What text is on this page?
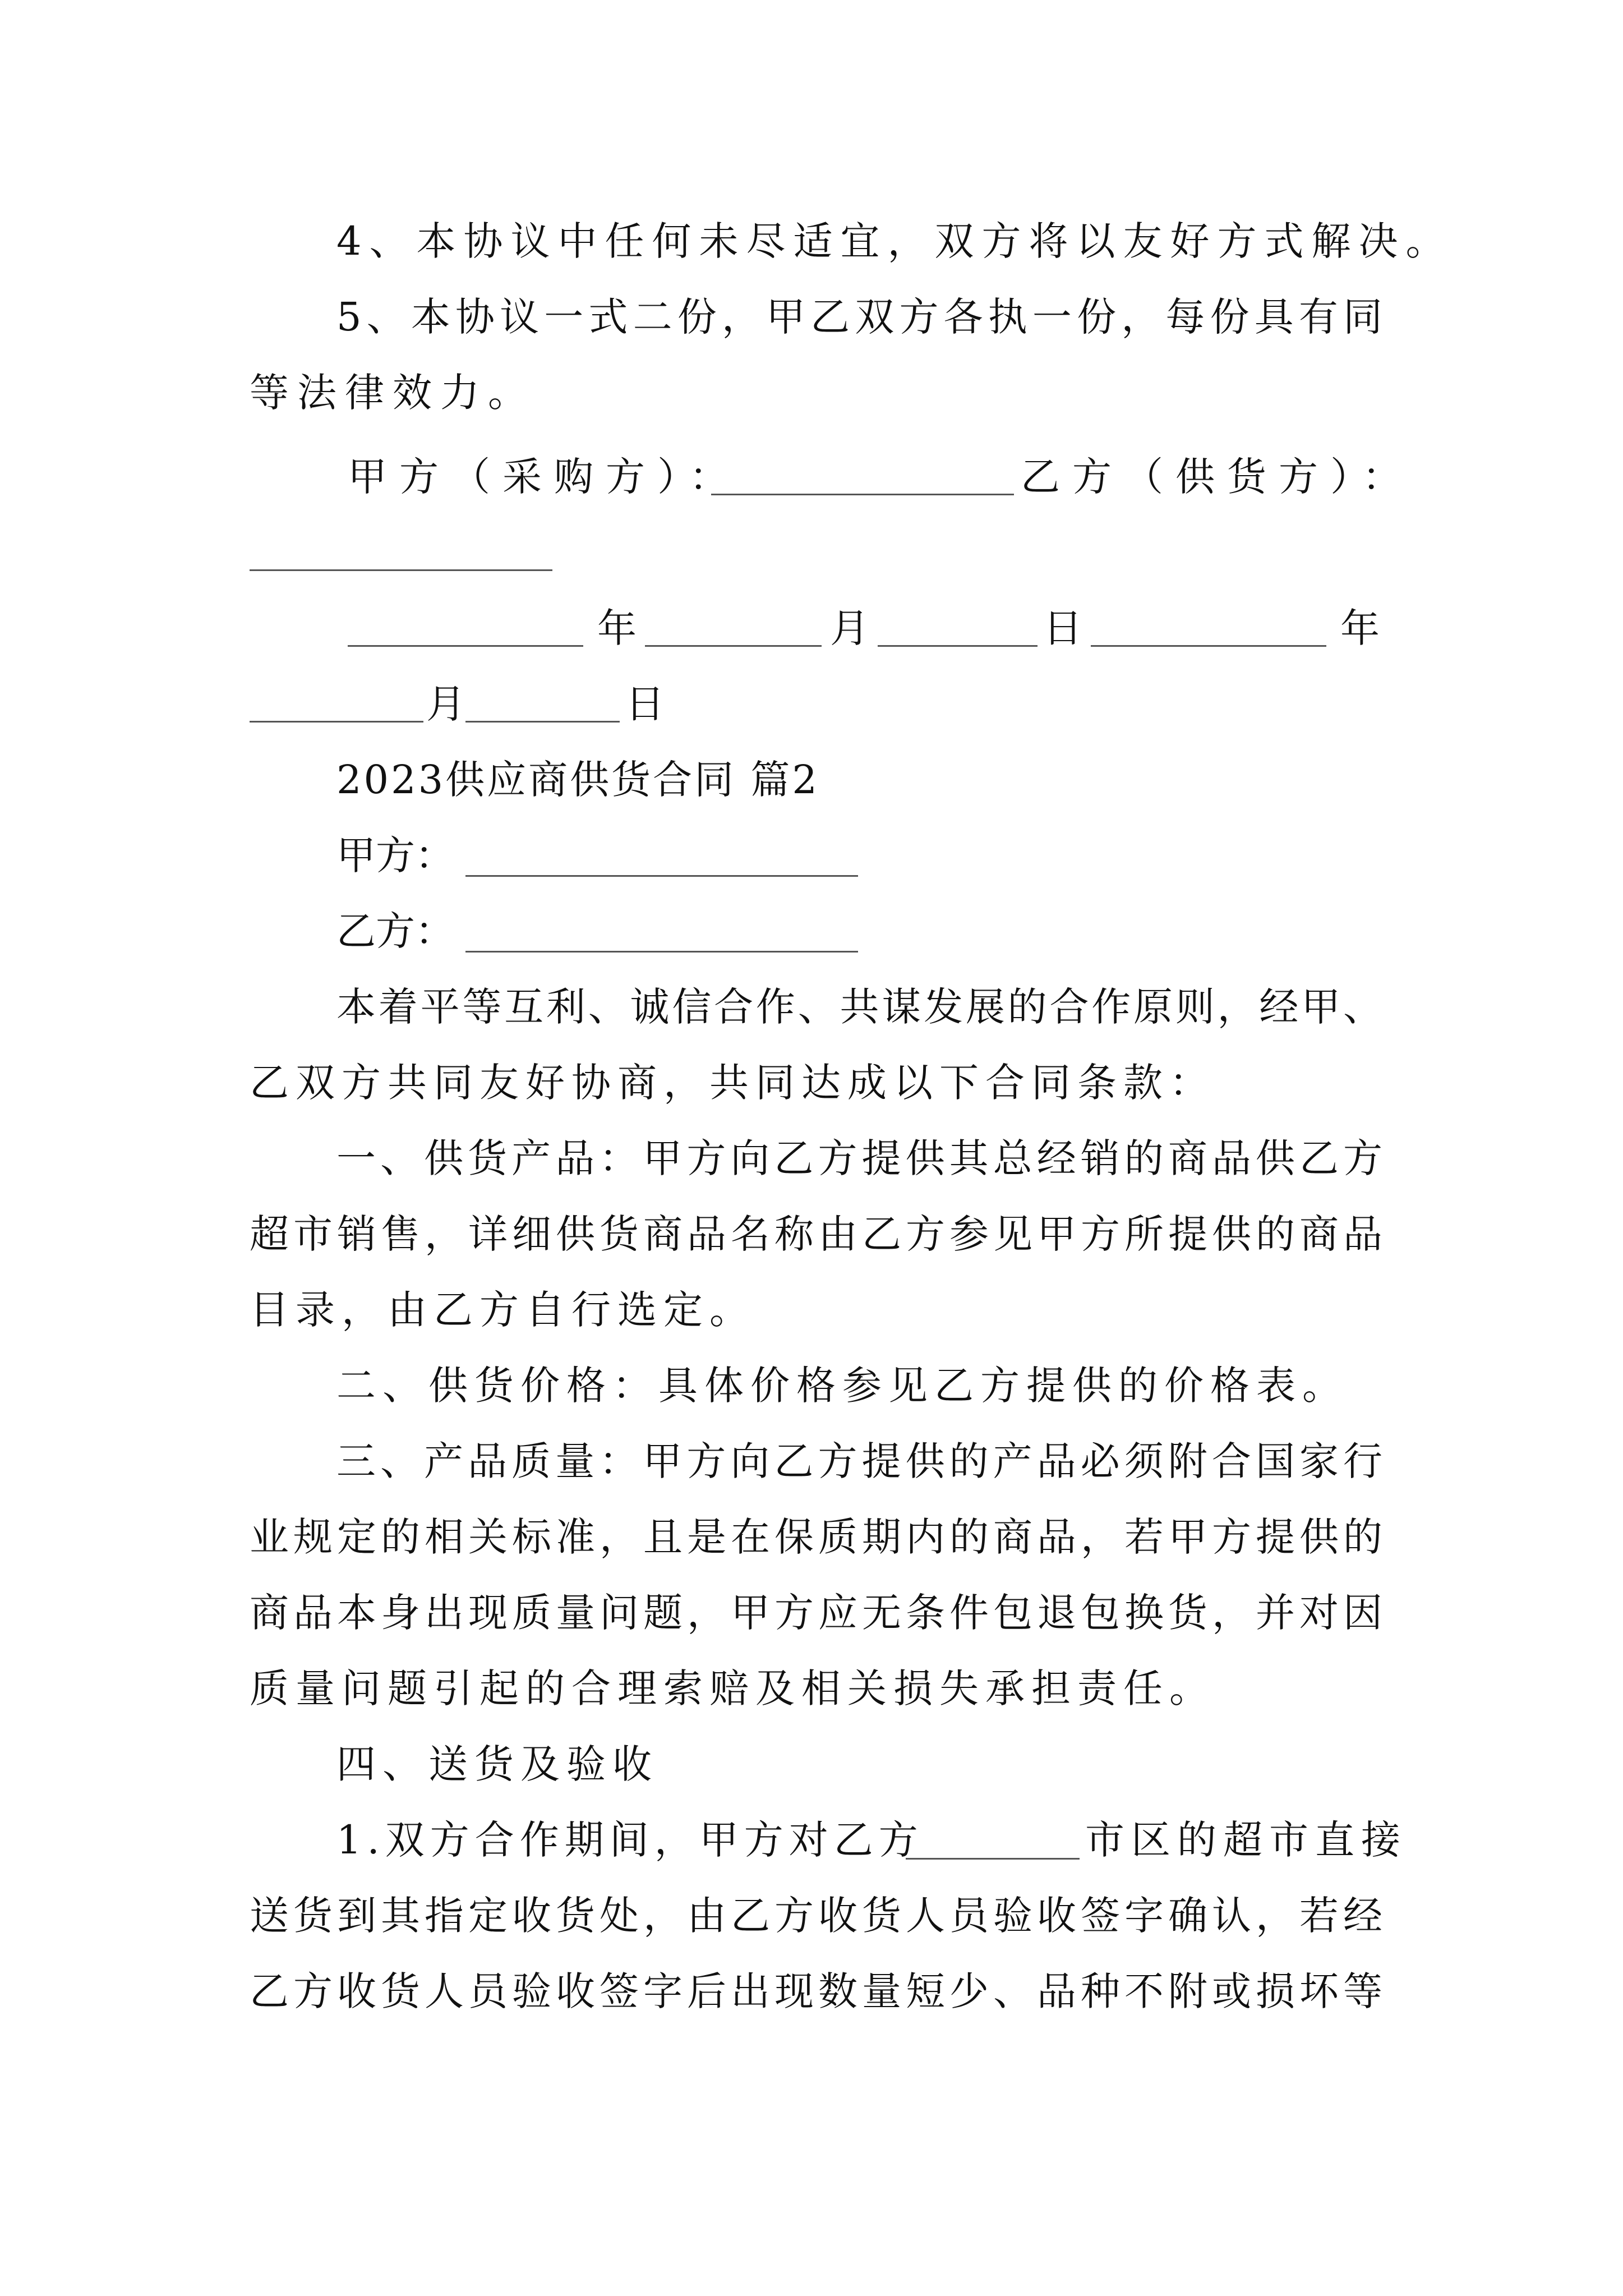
4、本协议中任何未尽适宜，双方将以友好方式解决。
5、本协议一式二份，甲乙双方各执一份，每份具有同
等法律效力。
甲方（采购方）：	乙方（供货方）：
年	月	日	年
月	日
2023供应商供货合同 篇2
甲方：
乙方：
本着平等互利、诚信合作、共谋发展的合作原则，经甲、
乙双方共同友好协商，共同达成以下合同条款：
一、供货产品：甲方向乙方提供其总经销的商品供乙方
超市销售，详细供货商品名称由乙方参见甲方所提供的商品
目录，由乙方自行选定。
二、供货价格：具体价格参见乙方提供的价格表。
三、产品质量：甲方向乙方提供的产品必须附合国家行
业规定的相关标准，且是在保质期内的商品，若甲方提供的
商品本身出现质量问题，甲方应无条件包退包换货，并对因
质量问题引起的合理索赔及相关损失承担责任。
四、送货及验收
1.双方合作期间，甲方对乙方	市区的超市直接
送货到其指定收货处，由乙方收货人员验收签字确认，若经
乙方收货人员验收签字后出现数量短少、品种不附或损坏等
